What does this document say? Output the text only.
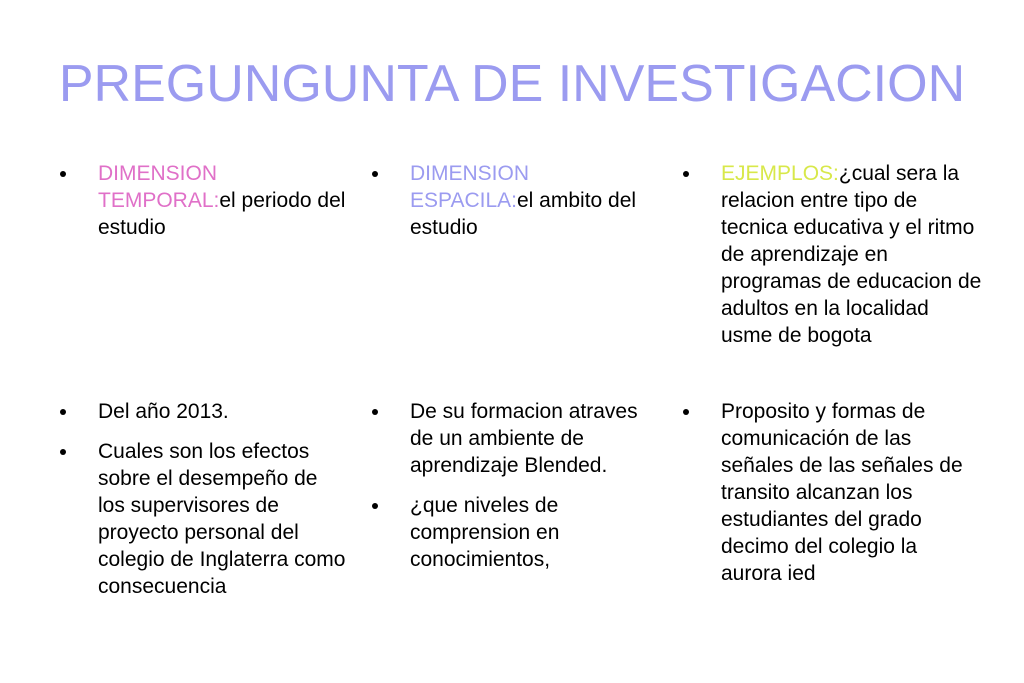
PREGUNGUNTA DE INVESTIGACION
DIMENSION TEMPORAL:el periodo del estudio
Del año 2013.
Cuales son los efectos sobre el desempeño de los supervisores de proyecto personal del colegio de Inglaterra como consecuencia
DIMENSION ESPACILA:el ambito del estudio
De su formacion atraves de un ambiente de aprendizaje Blended.
¿que niveles de comprension en conocimientos,
EJEMPLOS:¿cual sera la relacion entre tipo de tecnica educativa y el ritmo de aprendizaje en programas de educacion de adultos en la localidad usme de bogota
Proposito y formas de comunicación de las señales de las señales de transito alcanzan los estudiantes del grado decimo del colegio la aurora ied
